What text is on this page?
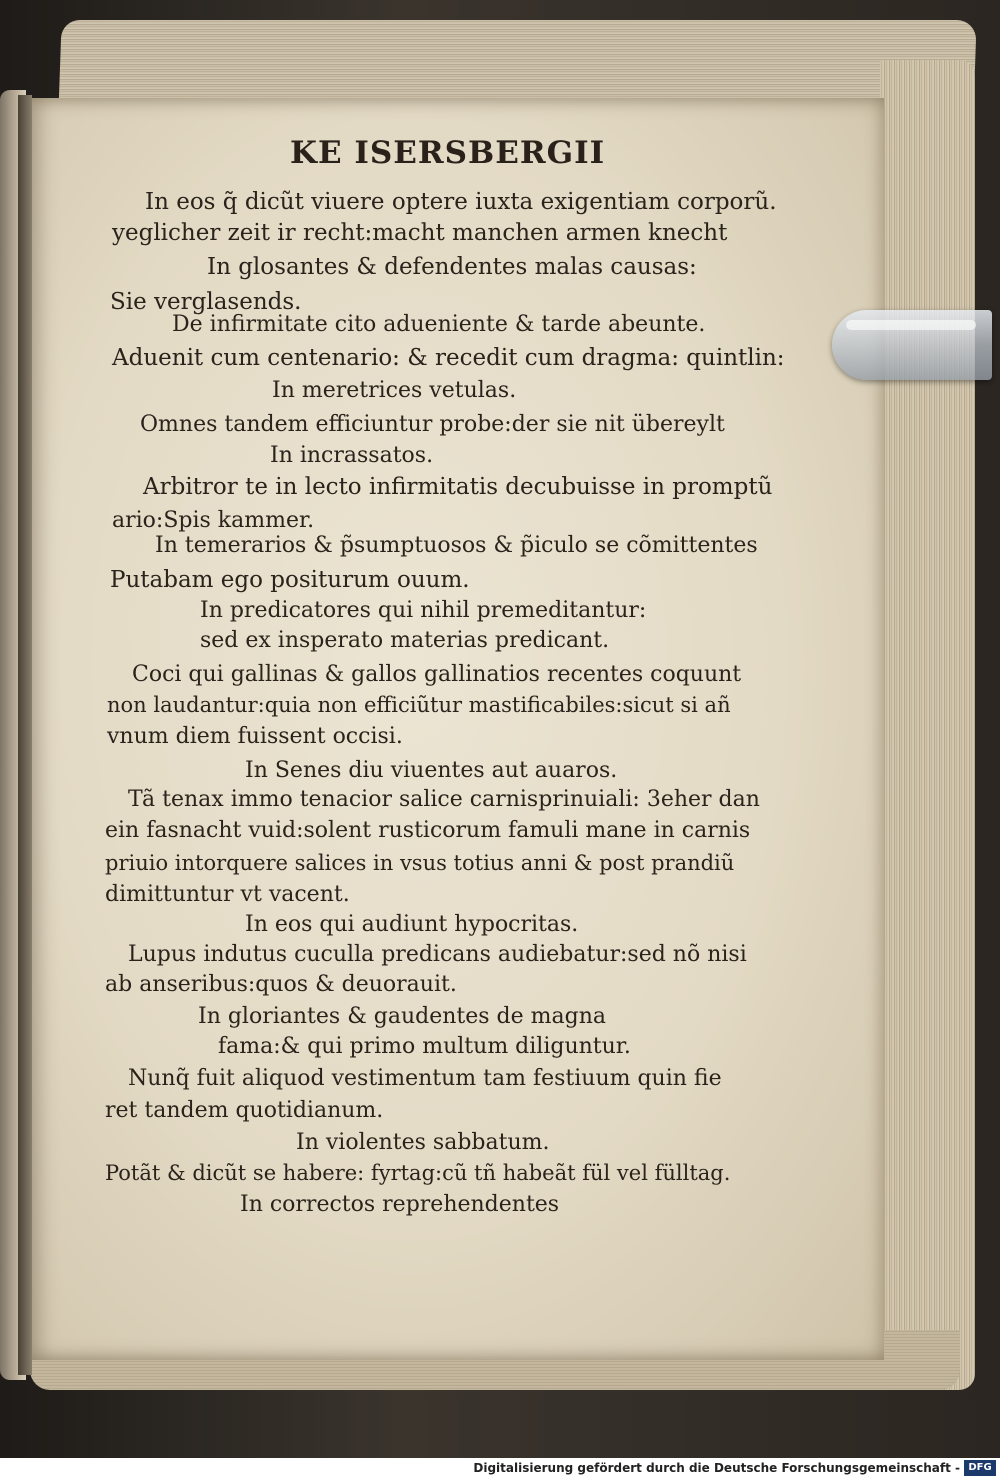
KE ISERSBERGII
In eos q̃ dicũt viuere optere iuxta exigentiam corporũ.
yeglicher zeit ir recht:macht manchen armen knecht
In glosantes & defendentes malas causas:
Sie verglasends.
De infirmitate cito adueniente & tarde abeunte.
Aduenit cum centenario: & recedit cum dragma: quintlin:
In meretrices vetulas.
Omnes tandem efficiuntur probe:der sie nit übereylt
In incrassatos.
Arbitror te in lecto infirmitatis decubuisse in promptũ
ario:Spis kammer.
In temerarios & p̃sumptuosos & p̃iculo se cõmittentes
Putabam ego positurum ouum.
In predicatores qui nihil premeditantur:
sed ex insperato materias predicant.
Coci qui gallinas & gallos gallinatios recentes coquunt
non laudantur:quia non efficiũtur mastificabiles:sicut si añ
vnum diem fuissent occisi.
In Senes diu viuentes aut auaros.
Tã tenax immo tenacior salice carnisprinuiali: 3eher dan
ein fasnacht vuid:solent rusticorum famuli mane in carnis
priuio intorquere salices in vsus totius anni & post prandiũ
dimittuntur vt vacent.
In eos qui audiunt hypocritas.
Lupus indutus cuculla predicans audiebatur:sed nõ nisi
ab anseribus:quos & deuorauit.
In gloriantes & gaudentes de magna
fama:& qui primo multum diliguntur.
Nunq̃ fuit aliquod vestimentum tam festiuum quin fie
ret tandem quotidianum.
In violentes sabbatum.
Potãt & dicũt se habere: fyrtag:cũ tñ habeãt fül vel fülltag.
In correctos reprehendentes
Digitalisierung gefördert durch die Deutsche Forschungsgemeinschaft - DFG
